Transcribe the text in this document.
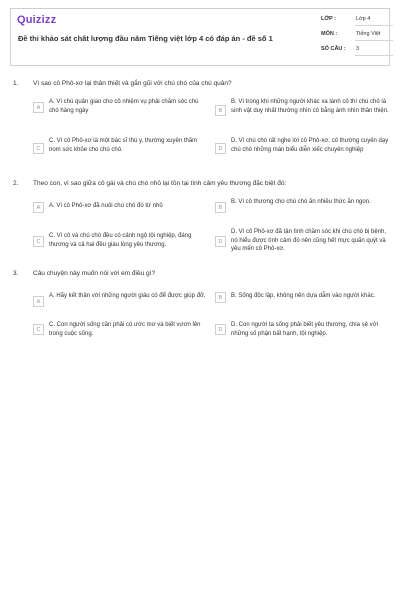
Quizizz
Đề thi khảo sát chất lượng đầu năm Tiếng việt lớp 4 có đáp án - đề số 1
LỚP :	Lớp 4
MÔN :	Tiếng Việt
SỐ CÂU : 3
1. Vì sao cô Phô-xơ lại thân thiết và gắn gũi với chú chó của chú quân?
A
A. Vì chú quân giao cho cô nhiệm vụ phải chăm sóc chú chó hàng ngày	B
B. Vì trong khi những người khác xa lánh cô thì chú chó là sinh vật duy nhất thường nhìn cô bằng ánh nhìn thân thiện.
C
C. Vì cô Phô-xơ là một bác sĩ thú y, thường xuyên thăm nom sức khỏe cho chú chó.	D
D. Vì chú chó rất nghe lời cô Phô-xơ, cô thường cuyên dạy chú chó những màn biểu diễn xiếc chuyên nghiệp
2. Theo con, vì sao giữa cô gái và chú chó nhỏ lại tồn tại tình cảm yêu thương đặc biệt đó:
A	A. Vì cô Phô-xơ đã nuôi chú chó đó từ nhỏ	B
B. Vì cô thương cho chú chó ăn nhiều thức ăn ngon.
C
C. Vì cô và chú chó đều có cảnh ngộ tội nghiệp, đáng thương và cả hai đều giàu lòng yêu thương.	D
D. Vì cô Phô-xơ đã tận tình chăm sóc khi chú chó bị bệnh, nó hiểu được tình cảm đó nên cũng hết mực quấn quýt và yêu mến cô Phô-xơ.
3. Câu chuyện này muốn nói với em điều gì?
A
A. Hãy kết thân với những người giàu có để được giúp đỡ.	B	B. Sống độc lập, không nên dựa dẫm vào người khác.
C
C. Con người sống cần phải có ước mơ và biết vươn lên trong cuộc sống.
D
D. Con người ta sống phải biết yêu thương, chia sẻ với những số phận bất hạnh, tội nghiệp.
